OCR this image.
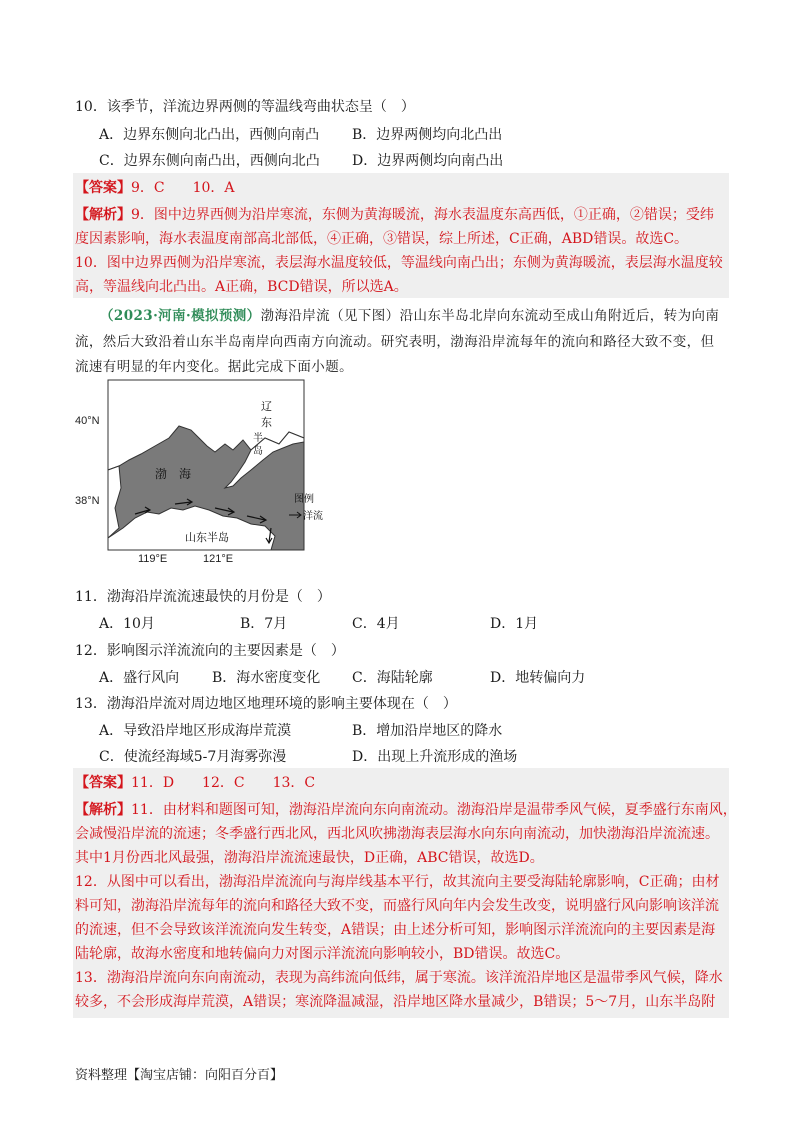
10．该季节，洋流边界两侧的等温线弯曲状态呈（　）
A．边界东侧向北凸出，西侧向南凸 B．边界两侧均向北凸出
C．边界东侧向南凸出，西侧向北凸 D．边界两侧均向南凸出
【答案】9．C　　10．A
【解析】9．图中边界西侧为沿岸寒流，东侧为黄海暖流，海水表温度东高西低，①正确，②错误；受纬
度因素影响，海水表温度南部高北部低，④正确，③错误，综上所述，C正确，ABD错误。故选C。
10．图中边界西侧为沿岸寒流，表层海水温度较低，等温线向南凸出；东侧为黄海暖流，表层海水温度较
高，等温线向北凸出。A正确，BCD错误，所以选A。
（2023·河南·模拟预测）渤海沿岸流（见下图）沿山东半岛北岸向东流动至成山角附近后，转为向南
流，然后大致沿着山东半岛南岸向西南方向流动。研究表明，渤海沿岸流每年的流向和路径大致不变，但
流速有明显的年内变化。据此完成下面小题。
40°N
38°N
119°E	121°E
渤　海
山东半岛
辽
东
半
岛
图例
洋流
11．渤海沿岸流流速最快的月份是（　）
A．10月	B．7月	C．4月	D．1月
12．影响图示洋流流向的主要因素是（　）
A．盛行风向 B．海水密度变化 C．海陆轮廓	D．地转偏向力
13．渤海沿岸流对周边地区地理环境的影响主要体现在（　）
A．导致沿岸地区形成海岸荒漠	B．增加沿岸地区的降水
C．使流经海域5-7月海雾弥漫	D．出现上升流形成的渔场
【答案】11．D　　12．C　　13．C
【解析】11．由材料和题图可知，渤海沿岸流向东向南流动。渤海沿岸是温带季风气候，夏季盛行东南风，
会减慢沿岸流的流速；冬季盛行西北风，西北风吹拂渤海表层海水向东向南流动，加快渤海沿岸流流速。
其中1月份西北风最强，渤海沿岸流流速最快，D正确，ABC错误，故选D。
12．从图中可以看出，渤海沿岸流流向与海岸线基本平行，故其流向主要受海陆轮廓影响，C正确；由材
料可知，渤海沿岸流每年的流向和路径大致不变，而盛行风向年内会发生改变，说明盛行风向影响该洋流
的流速，但不会导致该洋流流向发生转变，A错误；由上述分析可知，影响图示洋流流向的主要因素是海
陆轮廓，故海水密度和地转偏向力对图示洋流流向影响较小，BD错误。故选C。
13．渤海沿岸流向东向南流动，表现为高纬流向低纬，属于寒流。该洋流沿岸地区是温带季风气候，降水
较多，不会形成海岸荒漠，A错误；寒流降温减湿，沿岸地区降水量减少，B错误；5～7月，山东半岛附
资料整理【淘宝店铺：向阳百分百】
